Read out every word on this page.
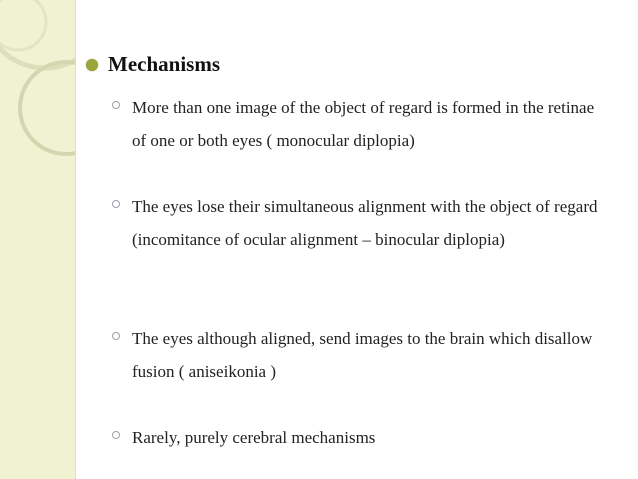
Mechanisms
More than one image of the object of regard is formed in the retinae of one or both eyes ( monocular diplopia)
The eyes lose their simultaneous alignment with the object of regard (incomitance of ocular alignment – binocular diplopia)
The eyes although aligned, send images to the brain which disallow fusion ( aniseikonia )
Rarely, purely cerebral mechanisms
